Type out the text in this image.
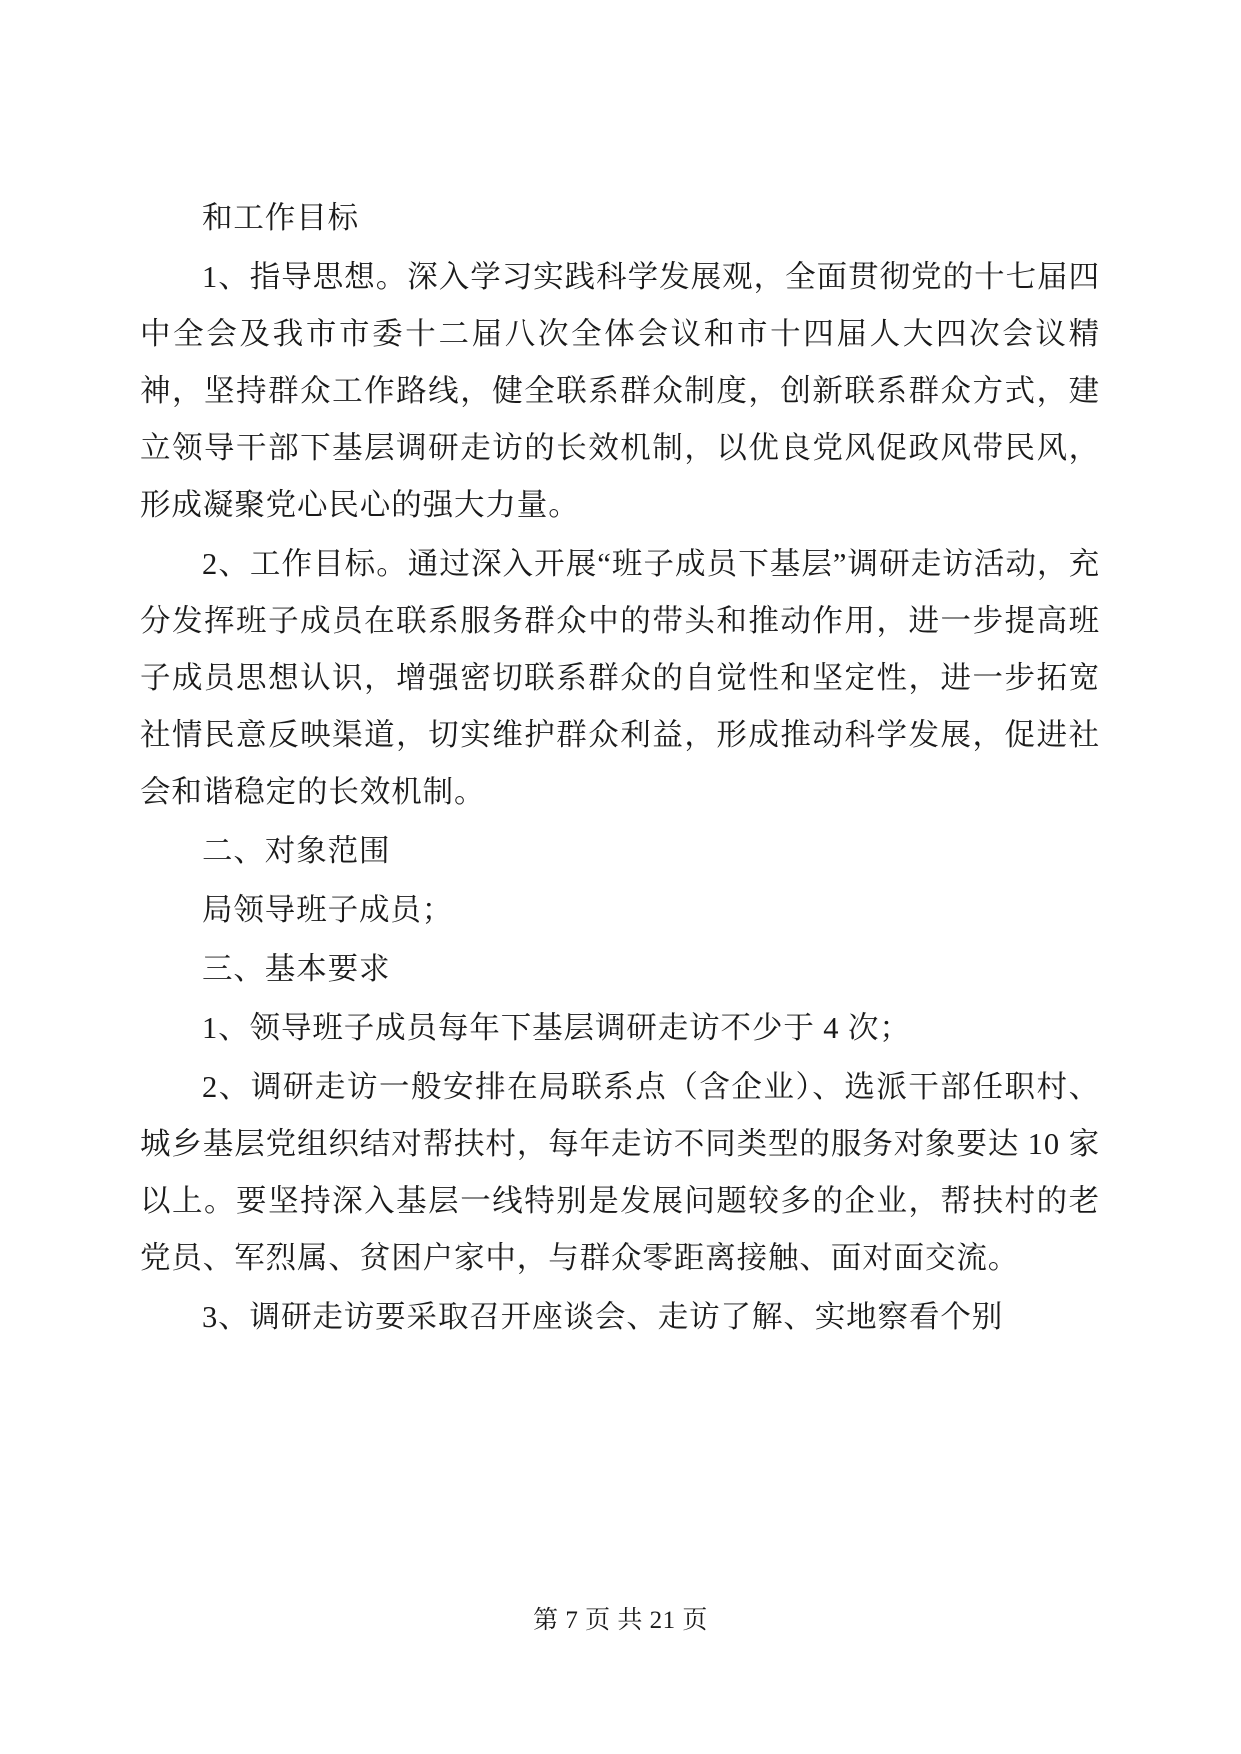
和工作目标

1、指导思想。深入学习实践科学发展观，全面贯彻党的十七届四中全会及我市市委十二届八次全体会议和市十四届人大四次会议精神，坚持群众工作路线，健全联系群众制度，创新联系群众方式，建立领导干部下基层调研走访的长效机制，以优良党风促政风带民风，形成凝聚党心民心的强大力量。

2、工作目标。通过深入开展“班子成员下基层”调研走访活动，充分发挥班子成员在联系服务群众中的带头和推动作用，进一步提高班子成员思想认识，增强密切联系群众的自觉性和坚定性，进一步拓宽社情民意反映渠道，切实维护群众利益，形成推动科学发展，促进社会和谐稳定的长效机制。

二、对象范围

局领导班子成员；

三、基本要求

1、领导班子成员每年下基层调研走访不少于 4 次；

2、调研走访一般安排在局联系点（含企业）、选派干部任职村、城乡基层党组织结对帮扶村，每年走访不同类型的服务对象要达 10 家以上。要坚持深入基层一线特别是发展问题较多的企业，帮扶村的老党员、军烈属、贫困户家中，与群众零距离接触、面对面交流。

3、调研走访要采取召开座谈会、走访了解、实地察看个别

第 7 页 共 21 页
